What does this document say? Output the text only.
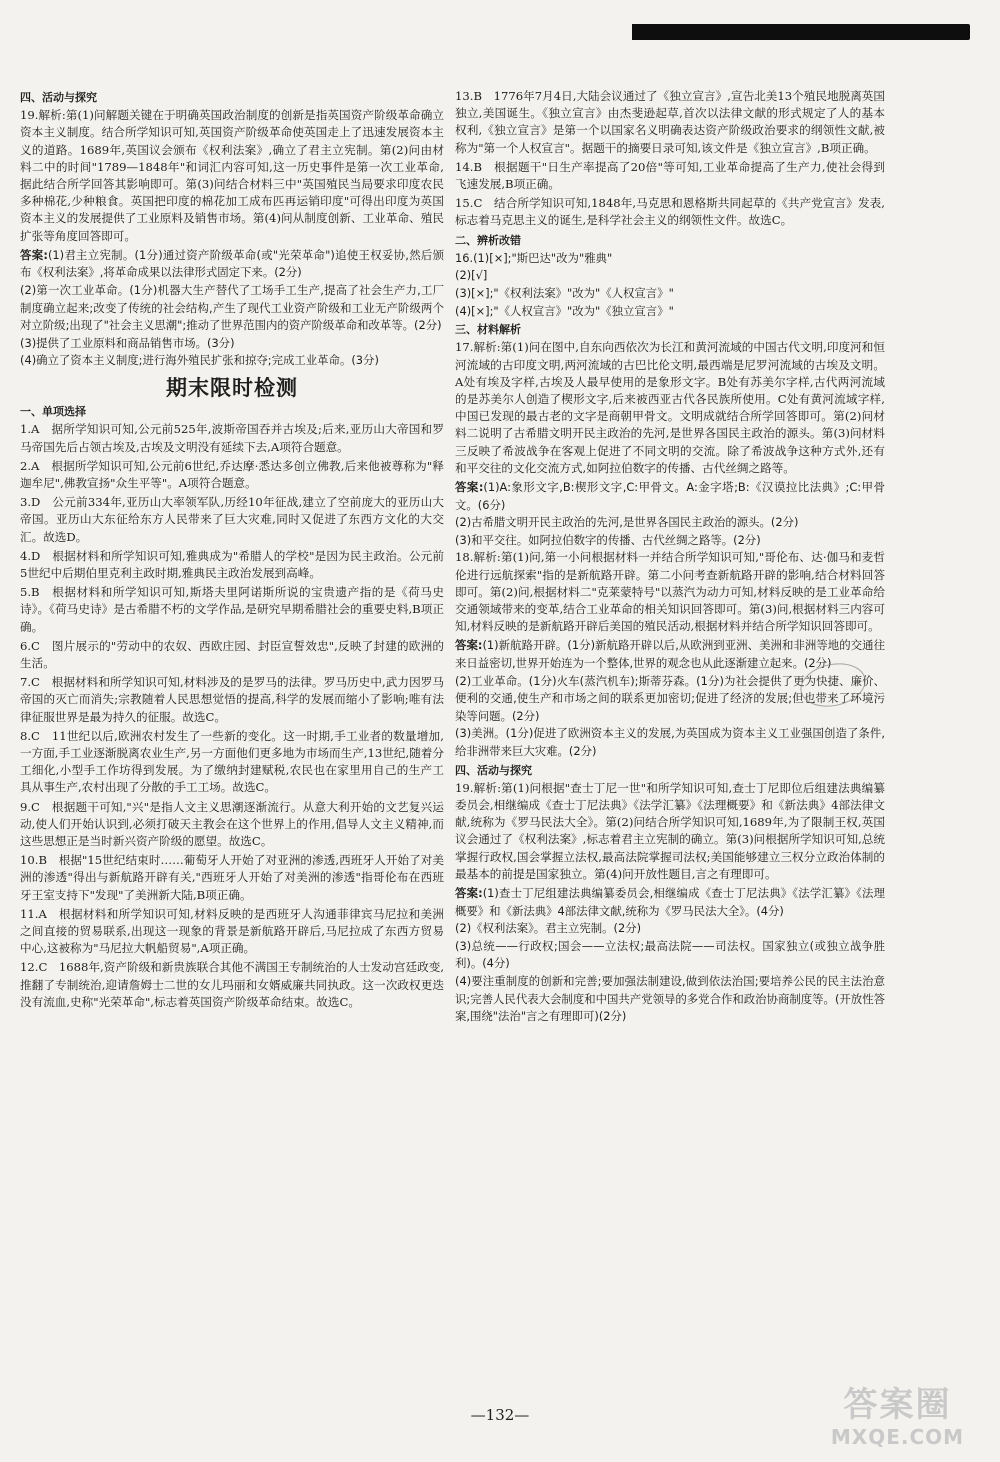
四、活动与探究
19.解析:第(1)问解题关键在于明确英国政治制度的创新是指英国资产阶级革命确立资本主义制度。结合所学知识可知,英国资产阶级革命使英国走上了迅速发展资本主义的道路。1689年,英国议会颁布《权利法案》,确立了君主立宪制。第(2)问由材料二中的时间"1789—1848年"和词汇内容可知,这一历史事件是第一次工业革命,据此结合所学回答其影响即可。第(3)问结合材料三中"英国殖民当局要求印度农民多种棉花,少种粮食。英国把印度的棉花加工成布匹再运销印度"可得出印度为英国资本主义的发展提供了工业原料及销售市场。第(4)问从制度创新、工业革命、殖民扩张等角度回答即可。
答案:(1)君主立宪制。(1分)通过资产阶级革命(或"光荣革命")追使王权妥协,然后颁布《权利法案》,将革命成果以法律形式固定下来。(2分)
(2)第一次工业革命。(1分)机器大生产替代了工场手工生产,提高了社会生产力,工厂制度确立起来;改变了传统的社会结构,产生了现代工业资产阶级和工业无产阶级两个对立阶级;出现了"社会主义思潮";推动了世界范围内的资产阶级革命和改革等。(2分)
(3)提供了工业原料和商品销售市场。(3分)
(4)确立了资本主义制度;进行海外殖民扩张和掠夺;完成工业革命。(3分)
期末限时检测
一、单项选择
1.A　据所学知识可知,公元前525年,波斯帝国吞并古埃及;后来,亚历山大帝国和罗马帝国先后占领古埃及,古埃及文明没有延续下去,A项符合题意。
2.A　根据所学知识可知,公元前6世纪,乔达摩·悉达多创立佛教,后来他被尊称为"释迦牟尼",佛教宣扬"众生平等"。A项符合题意。
3.D　公元前334年,亚历山大率领军队,历经10年征战,建立了空前庞大的亚历山大帝国。亚历山大东征给东方人民带来了巨大灾难,同时又促进了东西方文化的大交汇。故选D。
4.D　根据材料和所学知识可知,雅典成为"希腊人的学校"是因为民主政治。公元前5世纪中后期伯里克利主政时期,雅典民主政治发展到高峰。
5.B　根据材料和所学知识可知,斯塔夫里阿诺斯所说的宝贵遗产指的是《荷马史诗》。《荷马史诗》是古希腊不朽的文学作品,是研究早期希腊社会的重要史料,B项正确。
6.C　图片展示的"劳动中的农奴、西欧庄园、封臣宣誓效忠",反映了封建的欧洲的生活。
7.C　根据材料和所学知识可知,材料涉及的是罗马的法律。罗马历史中,武力因罗马帝国的灭亡而消失;宗教随着人民思想觉悟的提高,科学的发展而缩小了影响;唯有法律征服世界是最为持久的征服。故选C。
8.C　11世纪以后,欧洲农村发生了一些新的变化。这一时期,手工业者的数量增加,一方面,手工业逐渐脱离农业生产,另一方面他们更多地为市场而生产,13世纪,随着分工细化,小型手工作坊得到发展。为了缴纳封建赋税,农民也在家里用自己的生产工具从事生产,农村出现了分散的手工工场。故选C。
9.C　根据题干可知,"兴"是指人文主义思潮逐渐流行。从意大利开始的文艺复兴运动,使人们开始认识到,必须打破天主教会在这个世界上的作用,倡导人文主义精神,而这些思想正是当时新兴资产阶级的愿望。故选C。
10.B　根据"15世纪结束时……葡萄牙人开始了对亚洲的渗透,西班牙人开始了对美洲的渗透"得出与新航路开辟有关,"西班牙人开始了对美洲的渗透"指哥伦布在西班牙王室支持下"发现"了美洲新大陆,B项正确。
11.A　根据材料和所学知识可知,材料反映的是西班牙人沟通菲律宾马尼拉和美洲之间直接的贸易联系,出现这一现象的背景是新航路开辟后,马尼拉成了东西方贸易中心,这被称为"马尼拉大帆船贸易",A项正确。
12.C　1688年,资产阶级和新贵族联合其他不满国王专制统治的人士发动宫廷政变,推翻了专制统治,迎请詹姆士二世的女儿玛丽和女婿威廉共同执政。这一次政权更迭没有流血,史称"光荣革命",标志着英国资产阶级革命结束。故选C。
13.B　1776年7月4日,大陆会议通过了《独立宣言》,宣告北美13个殖民地脱离英国独立,美国诞生。《独立宣言》由杰斐逊起草,首次以法律文献的形式规定了人的基本权利,《独立宣言》是第一个以国家名义明确表达资产阶级政治要求的纲领性文献,被称为"第一个人权宣言"。据题干的摘要日录可知,该文件是《独立宣言》,B项正确。
14.B　根据题干"日生产率提高了20倍"等可知,工业革命提高了生产力,使社会得到飞速发展,B项正确。
15.C　结合所学知识可知,1848年,马克思和恩格斯共同起草的《共产党宣言》发表,标志着马克思主义的诞生,是科学社会主义的纲领性文件。故选C。
二、辨析改错
16.(1)[×];"斯巴达"改为"雅典"
(2)[√]
(3)[×];"《权利法案》"改为"《人权宣言》"
(4)[×];"《人权宣言》"改为"《独立宣言》"
三、材料解析
17.解析:第(1)问在图中,自东向西依次为长江和黄河流域的中国古代文明,印度河和恒河流域的古印度文明,两河流域的古巴比伦文明,最西端是尼罗河流域的古埃及文明。A处有埃及字样,古埃及人最早使用的是象形文字。B处有苏美尔字样,古代两河流域的是苏美尔人创造了楔形文字,后来被西亚古代各民族所使用。C处有黄河流域字样,中国已发现的最古老的文字是商朝甲骨文。文明成就结合所学回答即可。第(2)问材料二说明了古希腊文明开民主政治的先河,是世界各国民主政治的源头。第(3)问材料三反映了希波战争在客观上促进了不同文明的交流。除了希波战争这种方式外,还有和平交往的文化交流方式,如阿拉伯数字的传播、古代丝绸之路等。
答案:(1)A:象形文字,B:楔形文字,C:甲骨文。A:金字塔;B:《汉谟拉比法典》;C:甲骨文。(6分)
(2)古希腊文明开民主政治的先河,是世界各国民主政治的源头。(2分)
(3)和平交往。如阿拉伯数字的传播、古代丝绸之路等。(2分)
18.解析:第(1)问,第一小问根据材料一并结合所学知识可知,"哥伦布、达·伽马和麦哲伦进行远航探索"指的是新航路开辟。第二小问考查新航路开辟的影响,结合材料回答即可。第(2)问,根据材料二"克莱蒙特号"以蒸汽为动力可知,材料反映的是工业革命给交通领域带来的变革,结合工业革命的相关知识回答即可。第(3)问,根据材料三内容可知,材料反映的是新航路开辟后美国的殖民活动,根据材料并结合所学知识回答即可。
答案:(1)新航路开辟。(1分)新航路开辟以后,从欧洲到亚洲、美洲和非洲等地的交通往来日益密切,世界开始连为一个整体,世界的观念也从此逐渐建立起来。(2分)
(2)工业革命。(1分)火车(蒸汽机车);斯蒂芬森。(1分)为社会提供了更为快捷、廉价、便利的交通,使生产和市场之间的联系更加密切;促进了经济的发展;但也带来了环境污染等问题。(2分)
(3)美洲。(1分)促进了欧洲资本主义的发展,为英国成为资本主义工业强国创造了条件,给非洲带来巨大灾难。(2分)
四、活动与探究
19.解析:第(1)问根据"查士丁尼一世"和所学知识可知,查士丁尼即位后组建法典编纂委员会,相继编成《查士丁尼法典》《法学汇纂》《法理概要》和《新法典》4部法律文献,统称为《罗马民法大全》。第(2)问结合所学知识可知,1689年,为了限制王权,英国议会通过了《权利法案》,标志着君主立宪制的确立。第(3)问根据所学知识可知,总统掌握行政权,国会掌握立法权,最高法院掌握司法权;美国能够建立三权分立政治体制的最基本的前提是国家独立。第(4)问开放性题目,言之有理即可。
答案:(1)查士丁尼组建法典编纂委员会,相继编成《查士丁尼法典》《法学汇纂》《法理概要》和《新法典》4部法律文献,统称为《罗马民法大全》。(4分)
(2)《权利法案》。君主立宪制。(2分)
(3)总统——行政权;国会——立法权;最高法院——司法权。国家独立(或独立战争胜利)。(4分)
(4)要注重制度的创新和完善;要加强法制建设,做到依法治国;要培养公民的民主法治意识;完善人民代表大会制度和中国共产党领导的多党合作和政治协商制度等。(开放性答案,围绕"法治"言之有理即可)(2分)
—132—	答案圈
MXQE.COM
